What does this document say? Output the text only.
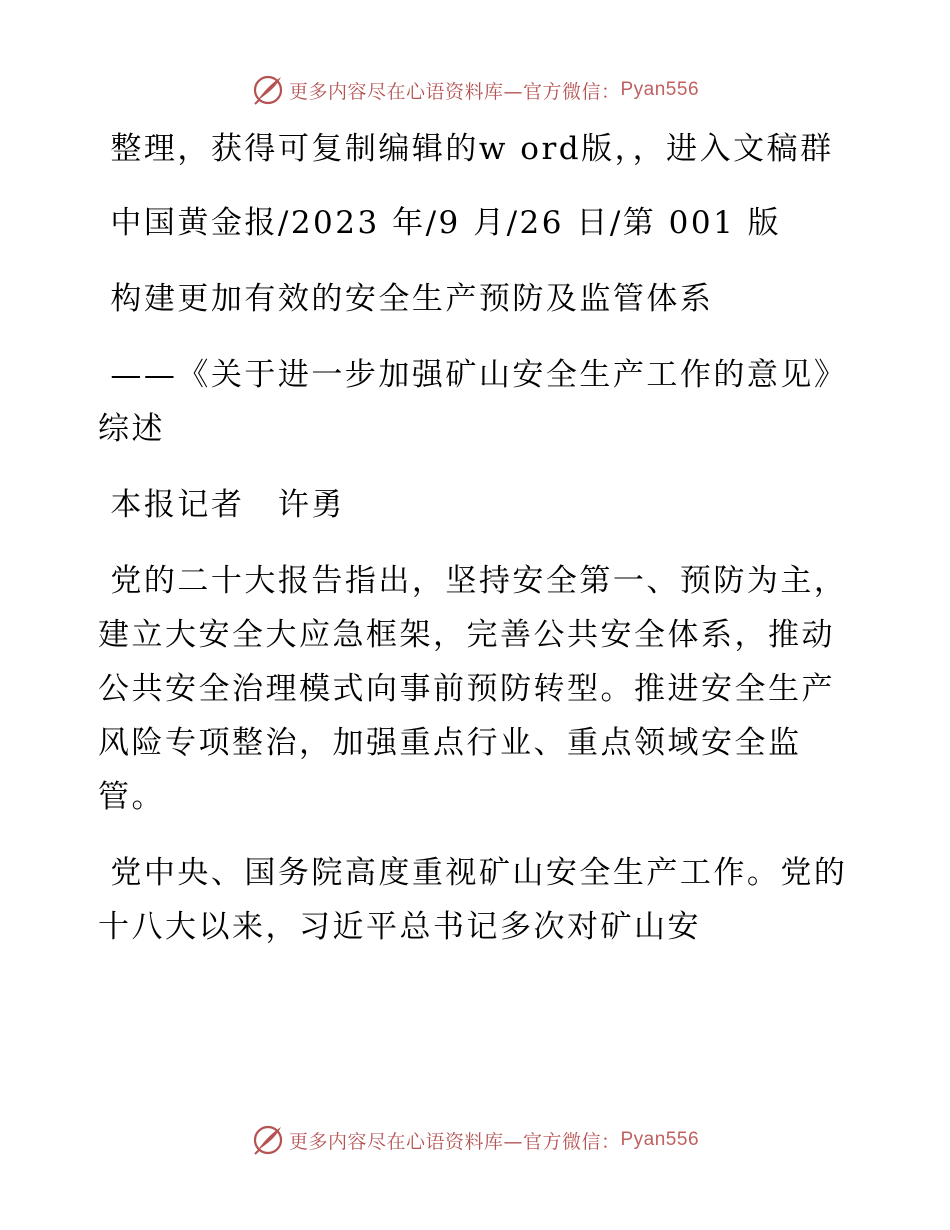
更多内容尽在心语资料库—官方微信： Pyan556

整理，获得可复制编辑的w ord版，，进入文稿群

中国黄金报/2023 年/9 月/26 日/第 001 版

构建更加有效的安全生产预防及监管体系

——《关于进一步加强矿山安全生产工作的意见》综述

本报记者　许勇

党的二十大报告指出，坚持安全第一、预防为主，建立大安全大应急框架，完善公共安全体系，推动公共安全治理模式向事前预防转型。推进安全生产风险专项整治，加强重点行业、重点领域安全监管。

党中央、国务院高度重视矿山安全生产工作。党的十八大以来，习近平总书记多次对矿山安

更多内容尽在心语资料库—官方微信： Pyan556
